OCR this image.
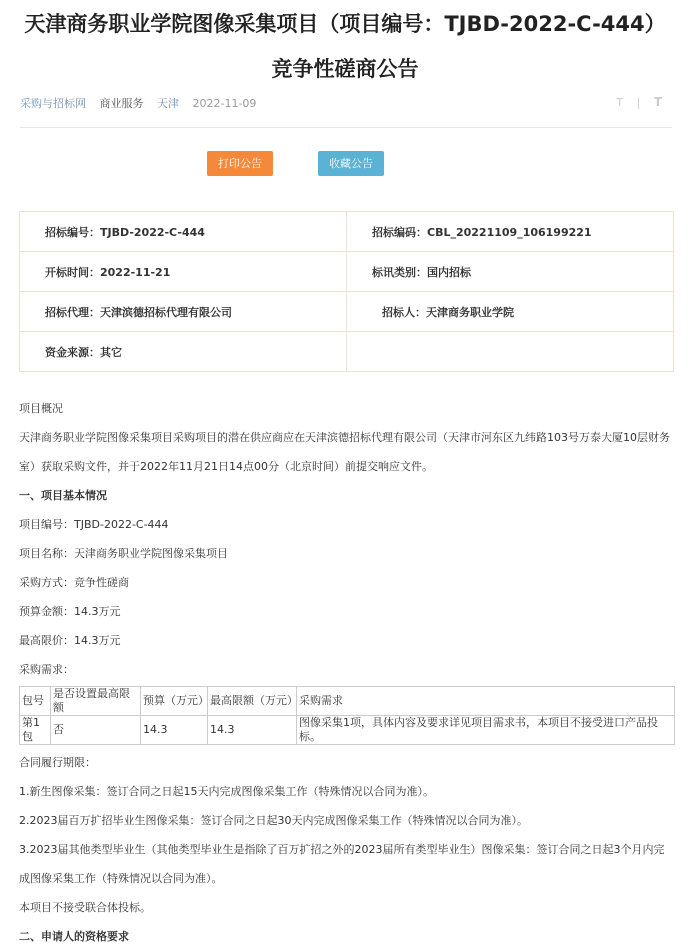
天津商务职业学院图像采集项目（项目编号：TJBD-2022-C-444）竞争性磋商公告
采购与招标网 商业服务 天津 2022-11-09	T | T
打印公告	收藏公告
招标编号：TJBD-2022-C-444	招标编码：CBL_20221109_106199221
开标时间：2022-11-21	标讯类别：国内招标
招标代理：天津滨德招标代理有限公司	招标人：天津商务职业学院
资金来源：其它	

项目概况

天津商务职业学院图像采集项目采购项目的潜在供应商应在天津滨德招标代理有限公司（天津市河东区九纬路103号万泰大厦10层财务室）获取采购文件，并于2022年11月21日14点00分（北京时间）前提交响应文件。

一、项目基本情况

项目编号：TJBD-2022-C-444

项目名称：天津商务职业学院图像采集项目

采购方式：竞争性磋商

预算金额：14.3万元

最高限价：14.3万元

采购需求：

包号	是否设置最高限额	预算（万元）	最高限额（万元）	采购需求
第1包	否	14.3	14.3	图像采集1项，具体内容及要求详见项目需求书，本项目不接受进口产品投标。

合同履行期限：

1.新生图像采集：签订合同之日起15天内完成图像采集工作（特殊情况以合同为准）。

2.2023届百万扩招毕业生图像采集：签订合同之日起30天内完成图像采集工作（特殊情况以合同为准）。

3.2023届其他类型毕业生（其他类型毕业生是指除了百万扩招之外的2023届所有类型毕业生）图像采集：签订合同之日起3个月内完成图像采集工作（特殊情况以合同为准）。

本项目不接受联合体投标。

二、申请人的资格要求
